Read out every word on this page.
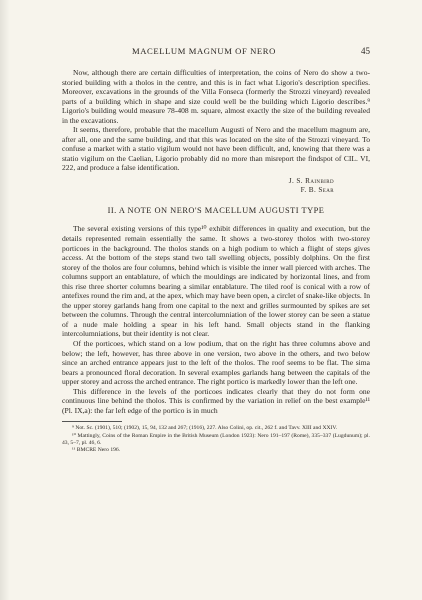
MACELLUM MAGNUM OF NERO	45

Now, although there are certain difficulties of interpretation, the coins of Nero do show a two-storied building with a tholos in the centre, and this is in fact what Ligorio's description specifies. Moreover, excavations in the grounds of the Villa Fonseca (formerly the Strozzi vineyard) revealed parts of a building which in shape and size could well be the building which Ligorio describes.⁹ Ligorio's building would measure 78-408 m. square, almost exactly the size of the building revealed in the excavations.

It seems, therefore, probable that the macellum Augusti of Nero and the macellum magnum are, after all, one and the same building, and that this was located on the site of the Strozzi vineyard. To confuse a market with a statio vigilum would not have been difficult, and, knowing that there was a statio vigilum on the Caelian, Ligorio probably did no more than misreport the findspot of CIL. VI, 222, and produce a false identification.

J. S. Rainbird
F. B. Sear
II. A NOTE ON NERO'S MACELLUM AUGUSTI TYPE

The several existing versions of this type¹⁰ exhibit differences in quality and execution, but the details represented remain essentially the same. It shows a two-storey tholos with two-storey porticoes in the background. The tholos stands on a high podium to which a flight of steps gives access. At the bottom of the steps stand two tall swelling objects, possibly dolphins. On the first storey of the tholos are four columns, behind which is visible the inner wall pierced with arches. The columns support an entablature, of which the mouldings are indicated by horizontal lines, and from this rise three shorter columns bearing a similar entablature. The tiled roof is conical with a row of antefixes round the rim and, at the apex, which may have been open, a circlet of snake-like objects. In the upper storey garlands hang from one capital to the next and grilles surmounted by spikes are set between the columns. Through the central intercolumniation of the lower storey can be seen a statue of a nude male holding a spear in his left hand. Small objects stand in the flanking intercolumniations, but their identity is not clear.

Of the porticoes, which stand on a low podium, that on the right has three columns above and below; the left, however, has three above in one version, two above in the others, and two below since an arched entrance appears just to the left of the tholos. The roof seems to be flat. The sima bears a pronounced floral decoration. In several examples garlands hang between the capitals of the upper storey and across the arched entrance. The right portico is markedly lower than the left one.

This difference in the levels of the porticoes indicates clearly that they do not form one continuous line behind the tholos. This is confirmed by the variation in relief on the best example¹¹ (Pl. IX,a): the far left edge of the portico is in much

⁹ Not. Sc. (1901), 510; (1902), 15, 94, 132 and 267; (1916), 227. Also Colini, op. cit., 262 f. and Tavv. XIII and XXIV.

¹⁰ Mattingly, Coins of the Roman Empire in the British Museum (London 1923): Nero 191–197 (Rome), 335–337 (Lugdunum); pl. 43, 5–7, pl. 46, 6.

¹¹ BMCRE Nero 196.
